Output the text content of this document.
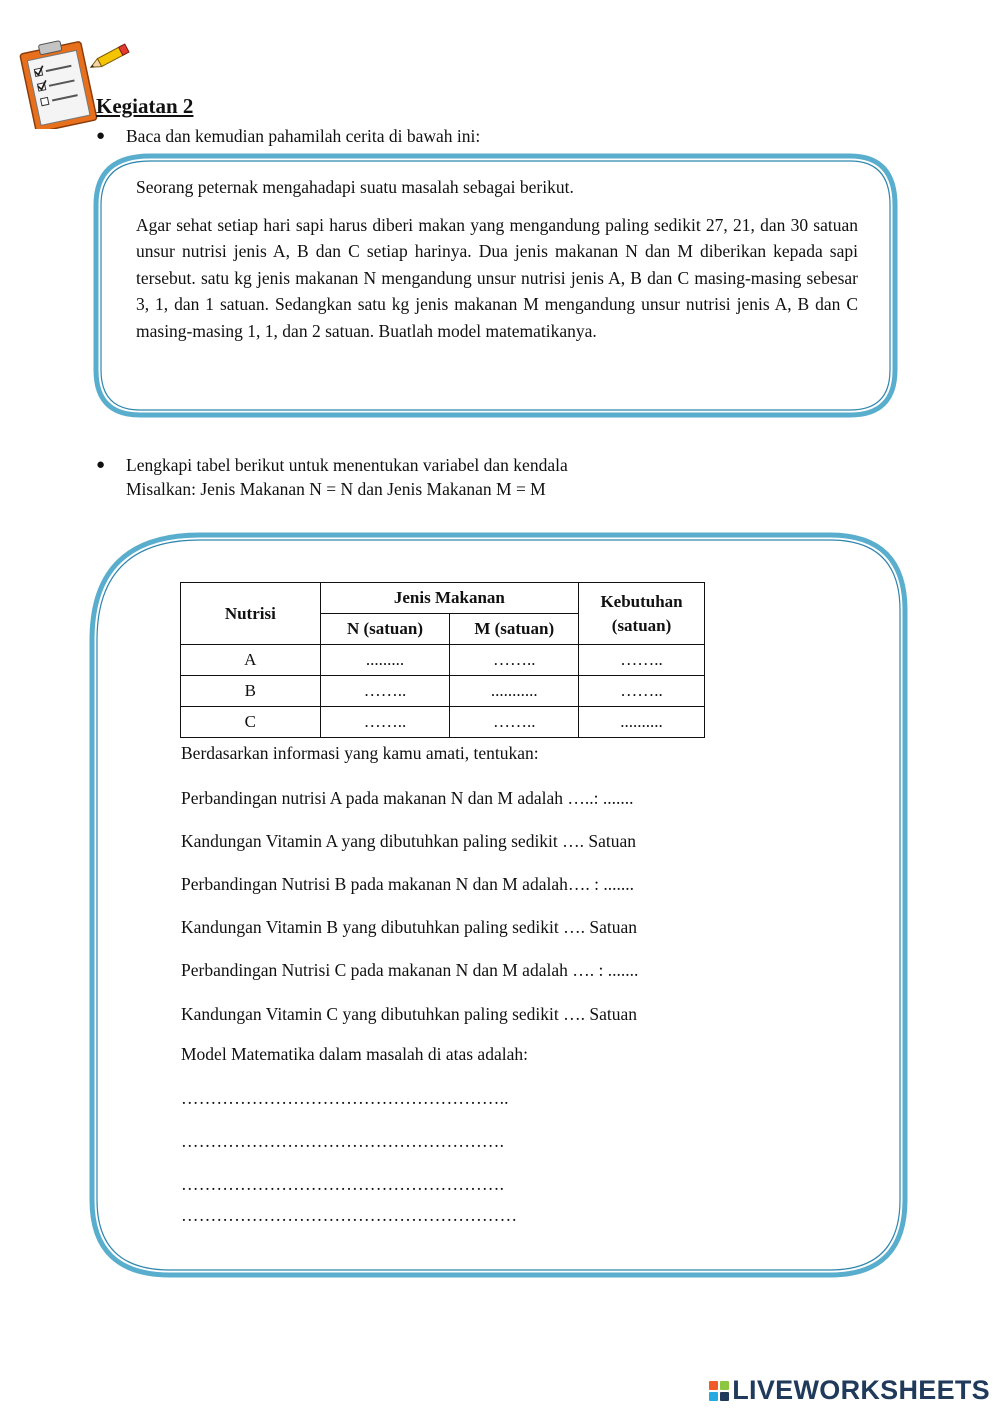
Kegiatan 2
●	Baca dan kemudian pahamilah cerita di bawah ini:

Seorang peternak mengahadapi suatu masalah sebagai berikut.

Agar sehat setiap hari sapi harus diberi makan yang mengandung paling sedikit 27, 21, dan 30 satuan unsur nutrisi jenis A, B dan C setiap harinya. Dua jenis makanan N dan M diberikan kepada sapi tersebut. satu kg jenis makanan N mengandung unsur nutrisi jenis A, B dan C masing-masing sebesar 3, 1, dan 1 satuan. Sedangkan satu kg jenis makanan M mengandung unsur nutrisi jenis A, B dan C masing-masing 1, 1, dan 2 satuan. Buatlah model matematikanya.

●	Lengkapi tabel berikut untuk menentukan variabel dan kendala
Misalkan: Jenis Makanan N = N dan Jenis Makanan M = M
Nutrisi	Jenis Makanan		Kebutuhan (satuan)
	N (satuan)	M (satuan)	
A	.........	……..	……..
B	……..	...........	……..
C	……..	……..	..........
Berdasarkan informasi yang kamu amati, tentukan:
Perbandingan nutrisi A pada makanan N dan M adalah …..: .......
Kandungan Vitamin A yang dibutuhkan paling sedikit …. Satuan
Perbandingan Nutrisi B pada makanan N dan M adalah…. : .......
Kandungan Vitamin B yang dibutuhkan paling sedikit …. Satuan
Perbandingan Nutrisi C pada makanan N dan M adalah …. : .......
Kandungan Vitamin C yang dibutuhkan paling sedikit …. Satuan
Model Matematika dalam masalah di atas adalah:
………………………………………………..
……………………………………………….
……………………………………………….
…………………………………………………
LIVEWORKSHEETS
